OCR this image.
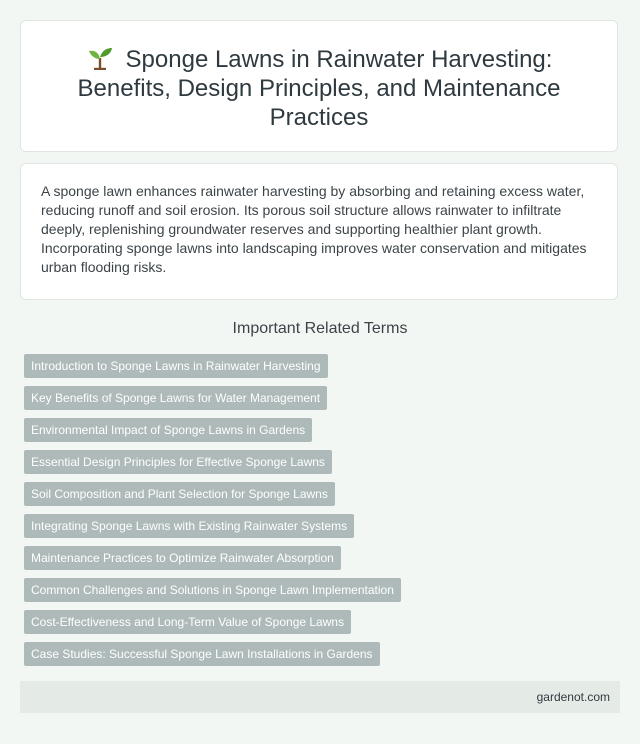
Sponge Lawns in Rainwater Harvesting: Benefits, Design Principles, and Maintenance Practices

A sponge lawn enhances rainwater harvesting by absorbing and retaining excess water, reducing runoff and soil erosion. Its porous soil structure allows rainwater to infiltrate deeply, replenishing groundwater reserves and supporting healthier plant growth. Incorporating sponge lawns into landscaping improves water conservation and mitigates urban flooding risks.

Important Related Terms
Introduction to Sponge Lawns in Rainwater Harvesting
Key Benefits of Sponge Lawns for Water Management
Environmental Impact of Sponge Lawns in Gardens
Essential Design Principles for Effective Sponge Lawns
Soil Composition and Plant Selection for Sponge Lawns
Integrating Sponge Lawns with Existing Rainwater Systems
Maintenance Practices to Optimize Rainwater Absorption
Common Challenges and Solutions in Sponge Lawn Implementation
Cost-Effectiveness and Long-Term Value of Sponge Lawns
Case Studies: Successful Sponge Lawn Installations in Gardens
gardenot.com
